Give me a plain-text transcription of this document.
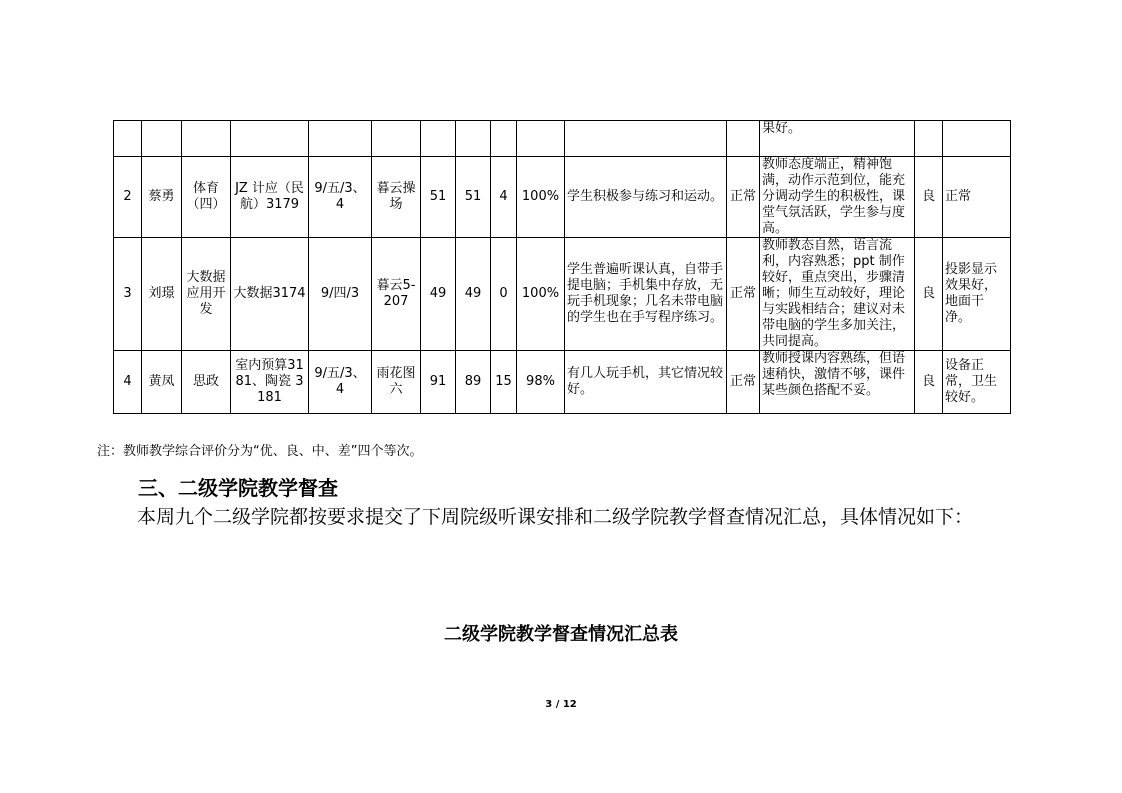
												果好。		
2	蔡勇	体育（四）	JZ 计应（民航）3179	9/五/3、4	暮云操场	51	51	4	100%	学生积极参与练习和运动。	正常	教师态度端正，精神饱满，动作示范到位，能充分调动学生的积极性，课堂气氛活跃，学生参与度高。	良	正常
3	刘璟	大数据应用开发	大数据3174	9/四/3	暮云5-207	49	49	0	100%	学生普遍听课认真，自带手提电脑；手机集中存放，无玩手机现象；几名未带电脑的学生也在手写程序练习。	正常	教师教态自然，语言流利，内容熟悉；ppt 制作较好，重点突出，步骤清晰；师生互动较好，理论与实践相结合；建议对未带电脑的学生多加关注，共同提高。	良	投影显示效果好，地面干净。
4	黄凤	思政	室内预算3181、陶瓷 3181	9/五/3、4	雨花图六	91	89	15	98%	有几人玩手机，其它情况较好。	正常	教师授课内容熟练，但语速稍快，激情不够，课件某些颜色搭配不妥。	良	设备正常，卫生较好。
注：教师教学综合评价分为“优、良、中、差”四个等次。
三、二级学院教学督查
本周九个二级学院都按要求提交了下周院级听课安排和二级学院教学督查情况汇总，具体情况如下：
二级学院教学督查情况汇总表
3 / 12
